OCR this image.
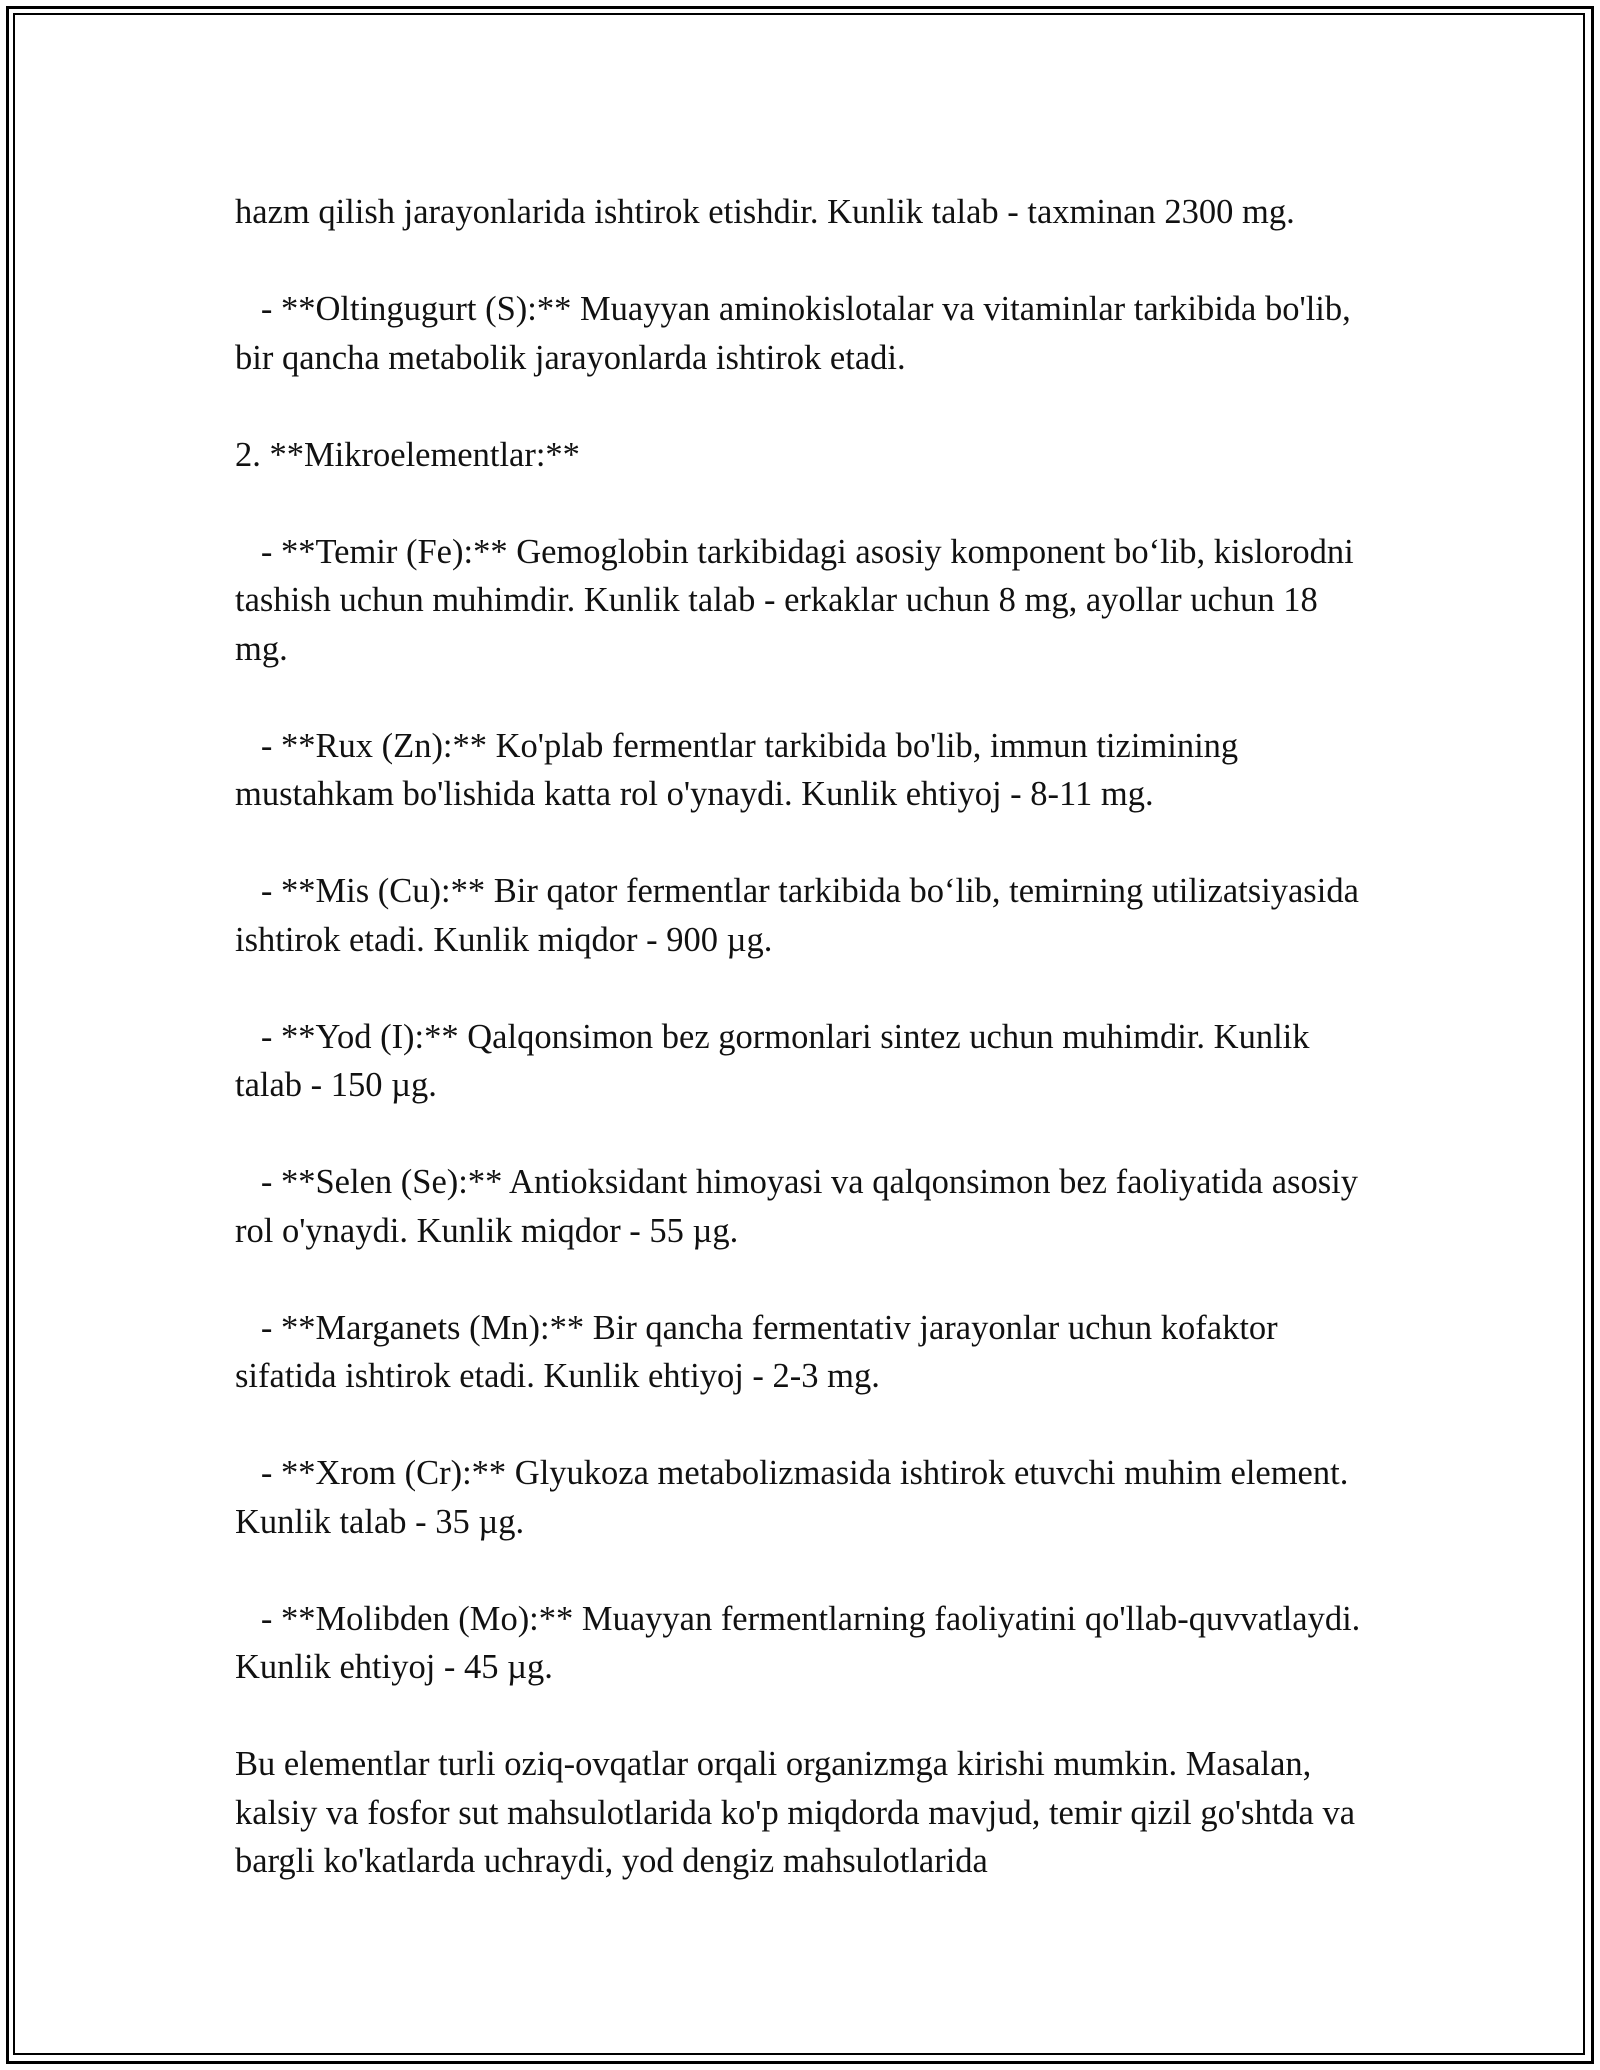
hazm qilish jarayonlarida ishtirok etishdir. Kunlik talab - taxminan 2300 mg.

- **Oltingugurt (S):** Muayyan aminokislotalar va vitaminlar tarkibida bo'lib, bir qancha metabolik jarayonlarda ishtirok etadi.

2. **Mikroelementlar:**

- **Temir (Fe):** Gemoglobin tarkibidagi asosiy komponent bo‘lib, kislorodni tashish uchun muhimdir. Kunlik talab - erkaklar uchun 8 mg, ayollar uchun 18 mg.

- **Rux (Zn):** Ko'plab fermentlar tarkibida bo'lib, immun tizimining mustahkam bo'lishida katta rol o'ynaydi. Kunlik ehtiyoj - 8-11 mg.

- **Mis (Cu):** Bir qator fermentlar tarkibida bo‘lib, temirning utilizatsiyasida ishtirok etadi. Kunlik miqdor - 900 µg.

- **Yod (I):** Qalqonsimon bez gormonlari sintez uchun muhimdir. Kunlik talab - 150 µg.

- **Selen (Se):** Antioksidant himoyasi va qalqonsimon bez faoliyatida asosiy rol o'ynaydi. Kunlik miqdor - 55 µg.

- **Marganets (Mn):** Bir qancha fermentativ jarayonlar uchun kofaktor sifatida ishtirok etadi. Kunlik ehtiyoj - 2-3 mg.

- **Xrom (Cr):** Glyukoza metabolizmasida ishtirok etuvchi muhim element. Kunlik talab - 35 µg.

- **Molibden (Mo):** Muayyan fermentlarning faoliyatini qo'llab-quvvatlaydi. Kunlik ehtiyoj - 45 µg.

Bu elementlar turli oziq-ovqatlar orqali organizmga kirishi mumkin. Masalan, kalsiy va fosfor sut mahsulotlarida ko'p miqdorda mavjud, temir qizil go'shtda va bargli ko'katlarda uchraydi, yod dengiz mahsulotlarida
